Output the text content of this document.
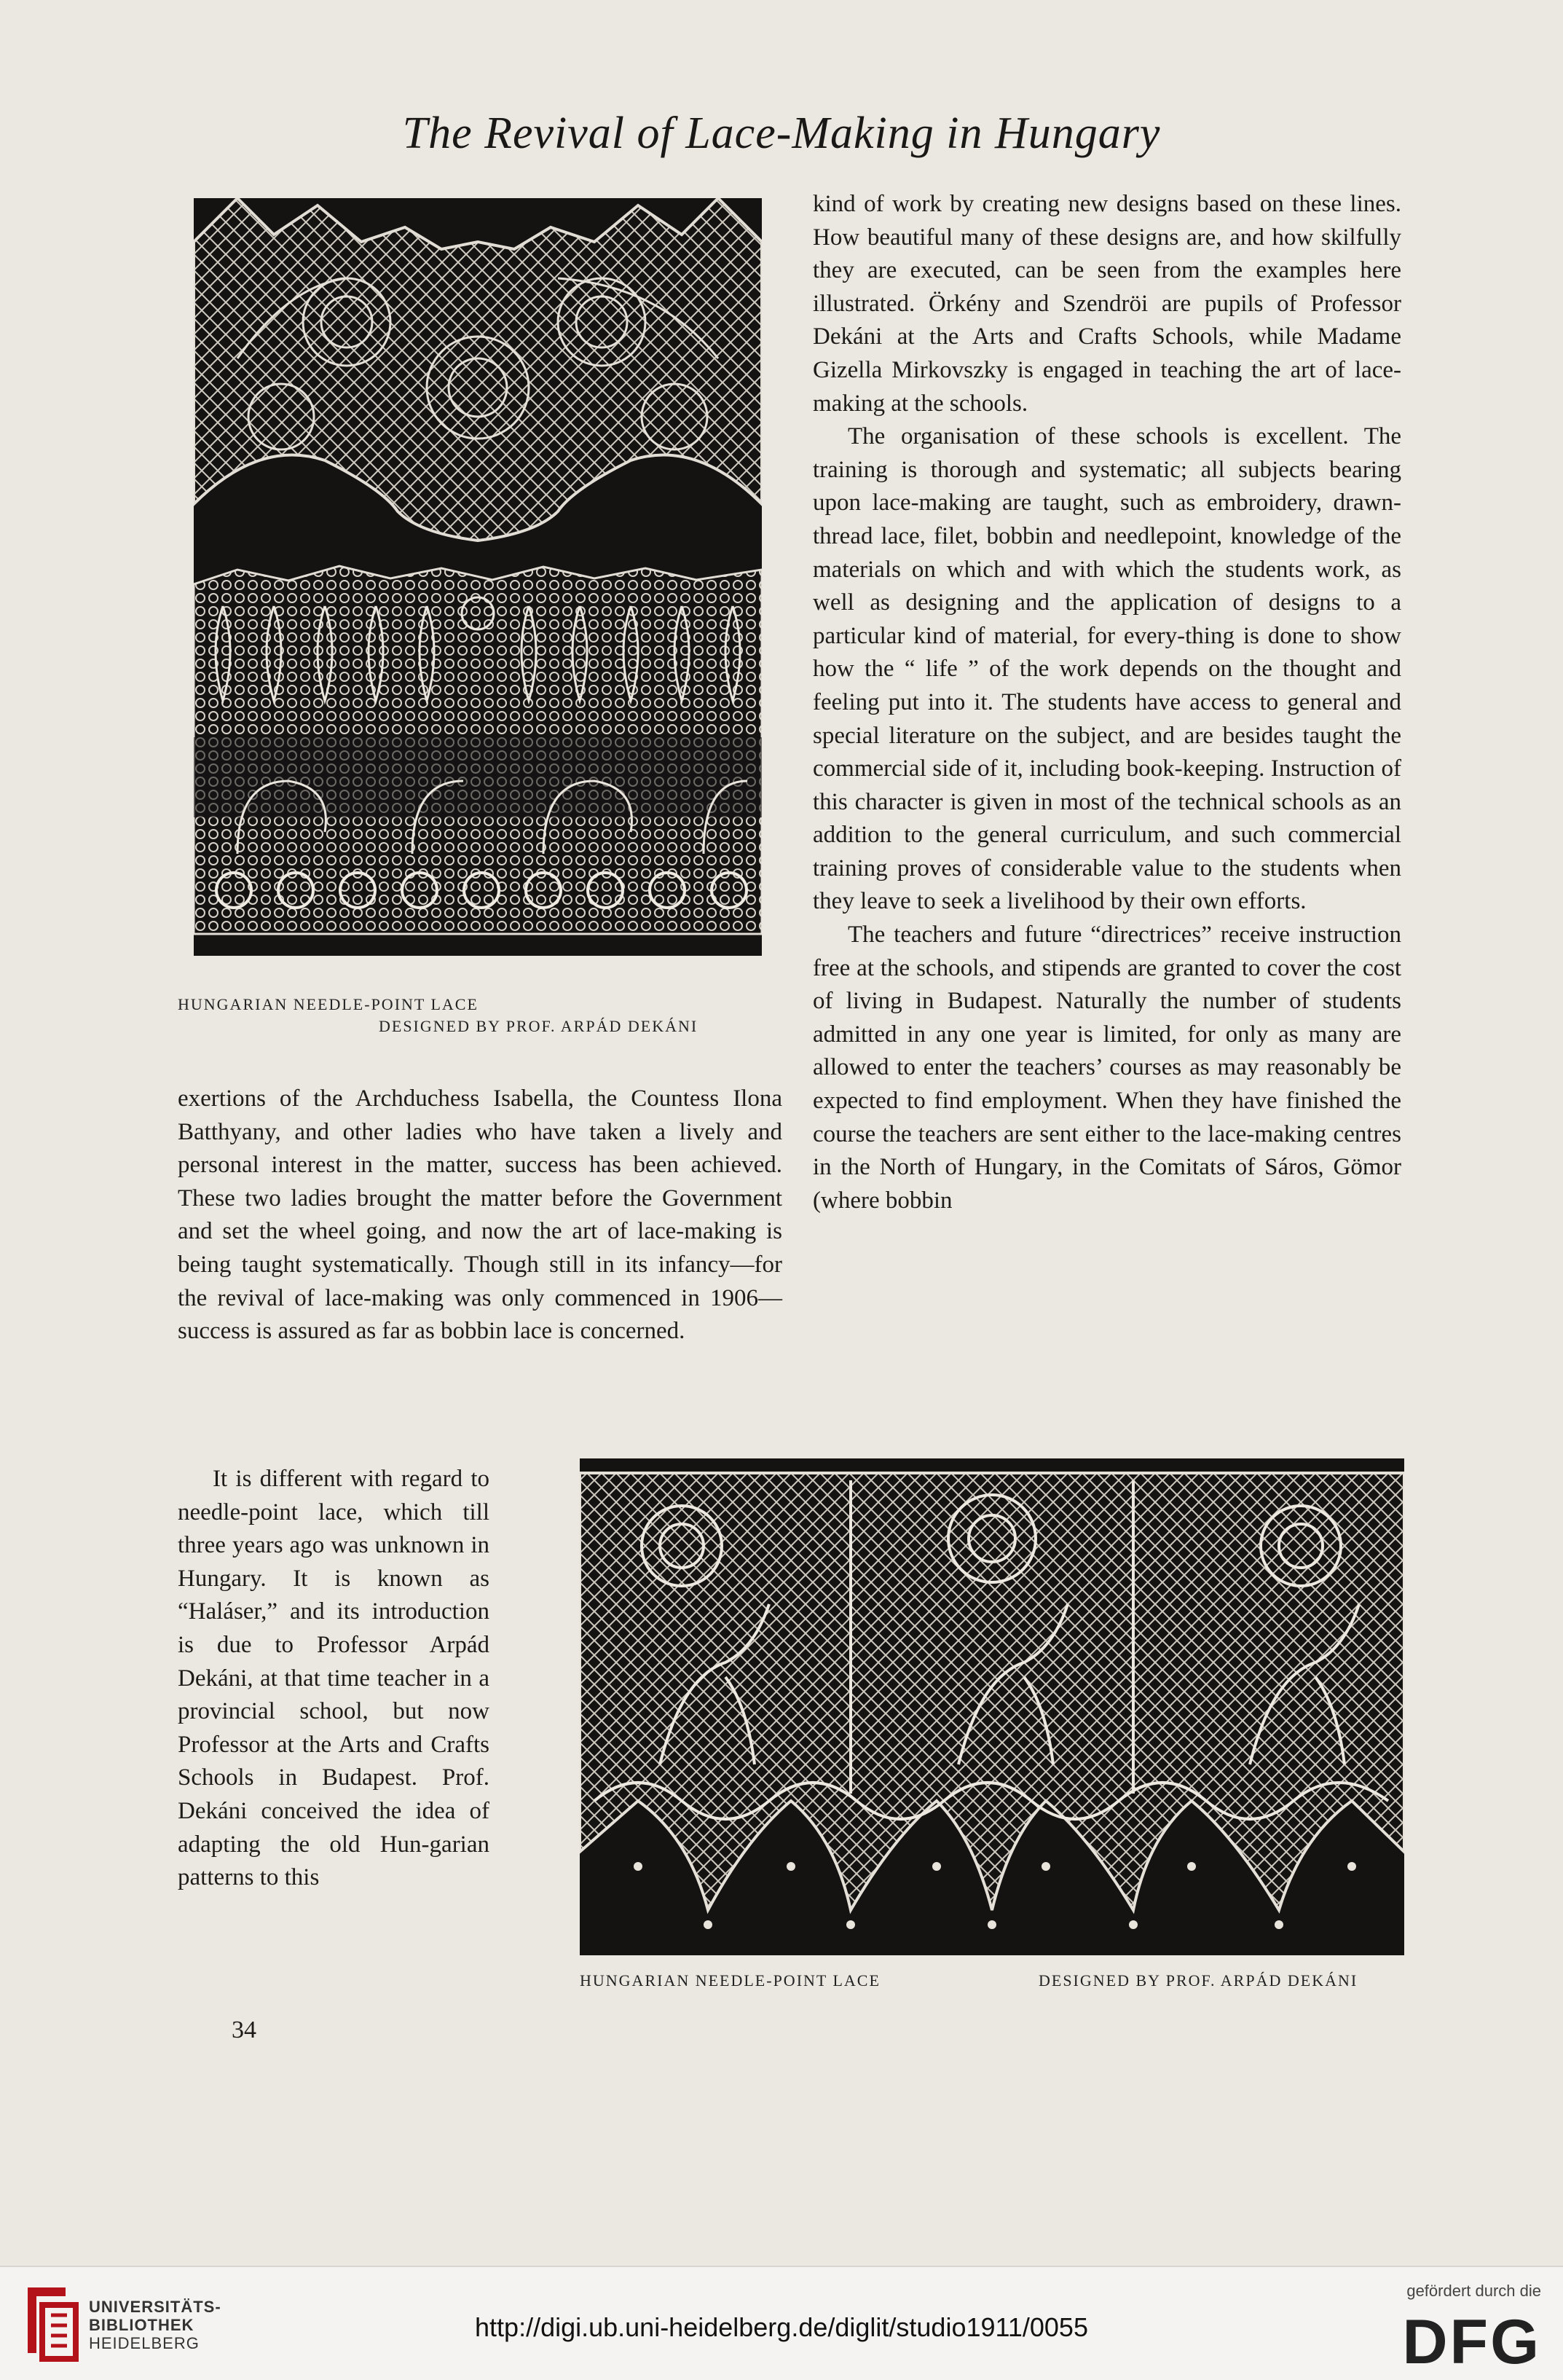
The Revival of Lace-Making in Hungary
HUNGARIAN NEEDLE-POINT LACE
DESIGNED BY PROF. ARPÁD DEKÁNI

kind of work by creating new designs based on these lines. How beautiful many of these designs are, and how skilfully they are executed, can be seen from the examples here illustrated. Örkény and Szendröi are pupils of Professor Dekáni at the Arts and Crafts Schools, while Madame Gizella Mirkovszky is engaged in teaching the art of lace-making at the schools.

The organisation of these schools is excellent. The training is thorough and systematic; all subjects bearing upon lace-making are taught, such as embroidery, drawn-thread lace, filet, bobbin and needlepoint, knowledge of the materials on which and with which the students work, as well as designing and the application of designs to a particular kind of material, for every-thing is done to show how the “ life ” of the work depends on the thought and feeling put into it. The students have access to general and special literature on the subject, and are besides taught the commercial side of it, including book-keeping. Instruction of this character is given in most of the technical schools as an addition to the general curriculum, and such commercial training proves of considerable value to the students when they leave to seek a livelihood by their own efforts.

The teachers and future “directrices” receive instruction free at the schools, and stipends are granted to cover the cost of living in Budapest. Naturally the number of students admitted in any one year is limited, for only as many are allowed to enter the teachers’ courses as may reasonably be expected to find employment. When they have finished the course the teachers are sent either to the lace-making centres in the North of Hungary, in the Comitats of Sáros, Gömor (where bobbin

exertions of the Archduchess Isabella, the Countess Ilona Batthyany, and other ladies who have taken a lively and personal interest in the matter, success has been achieved. These two ladies brought the matter before the Government and set the wheel going, and now the art of lace-making is being taught systematically. Though still in its infancy—for the revival of lace-making was only commenced in 1906—success is assured as far as bobbin lace is concerned.

It is different with regard to needle-point lace, which till three years ago was unknown in Hungary. It is known as “Haláser,” and its introduction is due to Professor Arpád Dekáni, at that time teacher in a provincial school, but now Professor at the Arts and Crafts Schools in Budapest. Prof. Dekáni conceived the idea of adapting the old Hun-garian patterns to this

HUNGARIAN NEEDLE-POINT LACE	DESIGNED BY PROF. ARPÁD DEKÁNI
34
UNIVERSITÄTS-
BIBLIOTHEK
HEIDELBERG
http://digi.ub.uni-heidelberg.de/diglit/studio1911/0055
gefördert durch die
DFG
